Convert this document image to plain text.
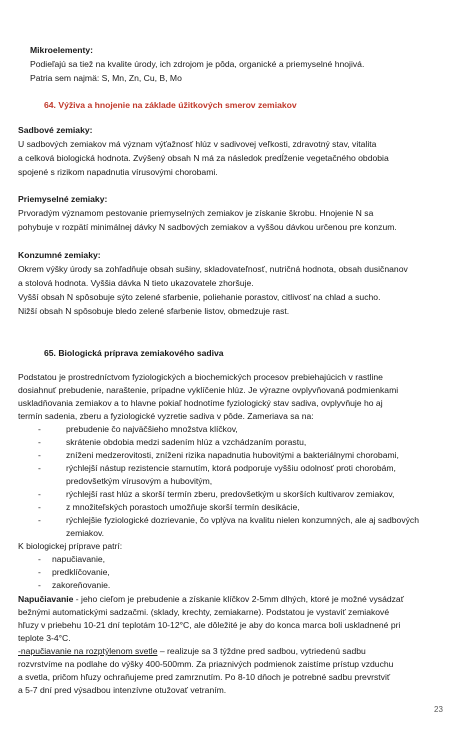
Mikroelementy:
Podieľajú sa tiež na kvalite úrody, ich zdrojom je pôda, organické a priemyselné hnojivá.
Patria sem najmä: S, Mn, Zn, Cu, B, Mo
64. Výživa a hnojenie na základe úžitkových smerov zemiakov
Sadbové zemiaky:
U sadbových zemiakov má význam výťažnosť hlúz v sadivovej veľkosti, zdravotný stav, vitalita
a celková biologická hodnota. Zvýšený obsah N má za následok predĺženie vegetačného obdobia
spojené s rizikom napadnutia vírusovými chorobami.
Priemyselné zemiaky:
Prvoradým významom pestovanie priemyselných zemiakov je získanie škrobu. Hnojenie N sa
pohybuje v rozpätí minimálnej dávky N sadbových zemiakov a vyššou dávkou určenou pre konzum.
Konzumné zemiaky:
Okrem výšky úrody sa zohľadňuje obsah sušiny, skladovateľnosť, nutričná hodnota, obsah dusičnanov
a stolová hodnota. Vyššia dávka N tieto ukazovatele zhoršuje.
Vyšší obsah N spôsobuje sýto zelené sfarbenie, poliehanie porastov, citlivosť na chlad a sucho.
Nižší obsah N spôsobuje bledo zelené sfarbenie listov, obmedzuje rast.
65. Biologická príprava zemiakového sadiva
Podstatou je prostredníctvom fyziologických a biochemických procesov prebiehajúcich v rastline
dosiahnuť prebudenie, naraštenie, prípadne vyklíčenie hlúz. Je výrazne ovplyvňovaná podmienkami
uskladňovania zemiakov a to hlavne pokiaľ hodnotíme fyziologický stav sadiva, ovplyvňuje ho aj
termín sadenia, zberu a fyziologické vyzretie sadiva v pôde. Zameriava sa na:
-	prebudenie čo najväčšieho množstva klíčkov,
-	skrátenie obdobia medzi sadením hlúz a vzchádzaním porastu,
-	zníženi medzerovitosti, zníženi rizika napadnutia hubovitými a bakteriálnymi chorobami,
-	rýchlejší nástup rezistencie starnutím, ktorá podporuje vyššiu odolnosť proti chorobám,
predovšetkým vírusovým a hubovitým,
-	rýchlejší rast hlúz a skorší termín zberu, predovšetkým u skorších kultivarov zemiakov,
-	z množiteľských porastoch umožňuje skorší termín desikácie,
-	rýchlejšie fyziologické dozrievanie, čo vplýva na kvalitu nielen konzumných, ale aj sadbových
zemiakov.
K biologickej príprave patrí:
- napučiavanie,
- predklíčovanie,
- zakoreňovanie.
Napučiavanie - jeho cieľom je prebudenie a získanie klíčkov 2-5mm dlhých, ktoré je možné vysádzať
bežnými automatickými sadzačmi. (sklady, krechty, zemiakarne). Podstatou je vystaviť zemiakové
hľuzy v priebehu 10-21 dní teplotám 10-12°C, ale dôležité je aby do konca marca boli uskladnené pri
teplote 3-4°C.
-napučiavanie na rozptýlenom svetle – realizuje sa 3 týždne pred sadbou, vytriedenú sadbu
rozvrstvíme na podlahe do výšky 400-500mm. Za priaznivých podmienok zaistíme prístup vzduchu
a svetla, pričom hľuzy ochraňujeme pred zamrznutím. Po 8-10 dňoch je potrebné sadbu prevrstviť
a 5-7 dní pred výsadbou intenzívne otužovať vetraním.
23
